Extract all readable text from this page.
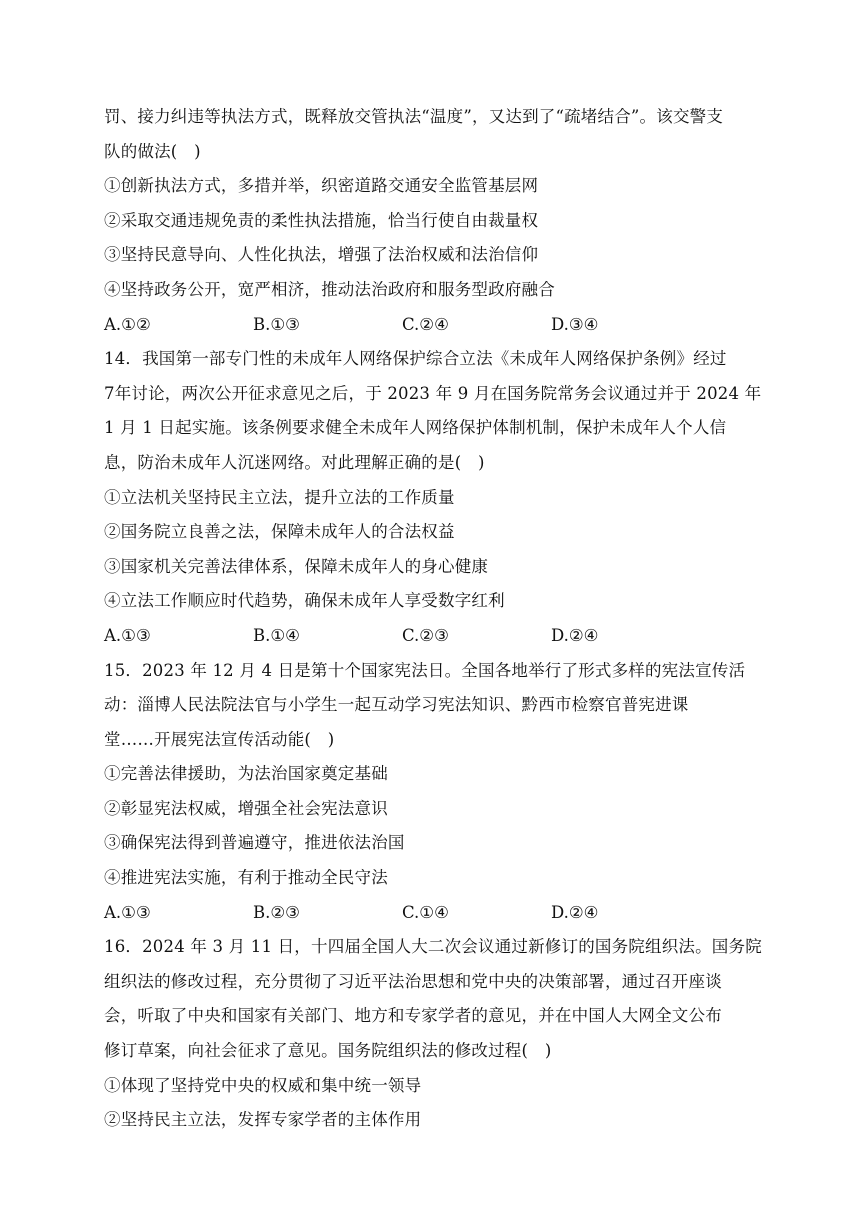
罚、接力纠违等执法方式，既释放交管执法“温度”，又达到了“疏堵结合”。该交警支
队的做法(　)
①创新执法方式，多措并举，织密道路交通安全监管基层网
②采取交通违规免责的柔性执法措施，恰当行使自由裁量权
③坚持民意导向、人性化执法，增强了法治权威和法治信仰
④坚持政务公开，宽严相济，推动法治政府和服务型政府融合
A.①②	B.①③	C.②④	D.③④
14．我国第一部专门性的未成年人网络保护综合立法《未成年人网络保护条例》经过
7年讨论，两次公开征求意见之后，于 2023 年 9 月在国务院常务会议通过并于 2024 年
1 月 1 日起实施。该条例要求健全未成年人网络保护体制机制，保护未成年人个人信
息，防治未成年人沉迷网络。对此理解正确的是(　)
①立法机关坚持民主立法，提升立法的工作质量
②国务院立良善之法，保障未成年人的合法权益
③国家机关完善法律体系，保障未成年人的身心健康
④立法工作顺应时代趋势，确保未成年人享受数字红利
A.①③	B.①④	C.②③	D.②④
15．2023 年 12 月 4 日是第十个国家宪法日。全国各地举行了形式多样的宪法宣传活
动：淄博人民法院法官与小学生一起互动学习宪法知识、黔西市检察官普宪进课
堂……开展宪法宣传活动能(　)
①完善法律援助，为法治国家奠定基础
②彰显宪法权威，增强全社会宪法意识
③确保宪法得到普遍遵守，推进依法治国
④推进宪法实施，有利于推动全民守法
A.①③	B.②③	C.①④	D.②④
16．2024 年 3 月 11 日，十四届全国人大二次会议通过新修订的国务院组织法。国务院
组织法的修改过程，充分贯彻了习近平法治思想和党中央的决策部署，通过召开座谈
会，听取了中央和国家有关部门、地方和专家学者的意见，并在中国人大网全文公布
修订草案，向社会征求了意见。国务院组织法的修改过程(　)
①体现了坚持党中央的权威和集中统一领导
②坚持民主立法，发挥专家学者的主体作用
